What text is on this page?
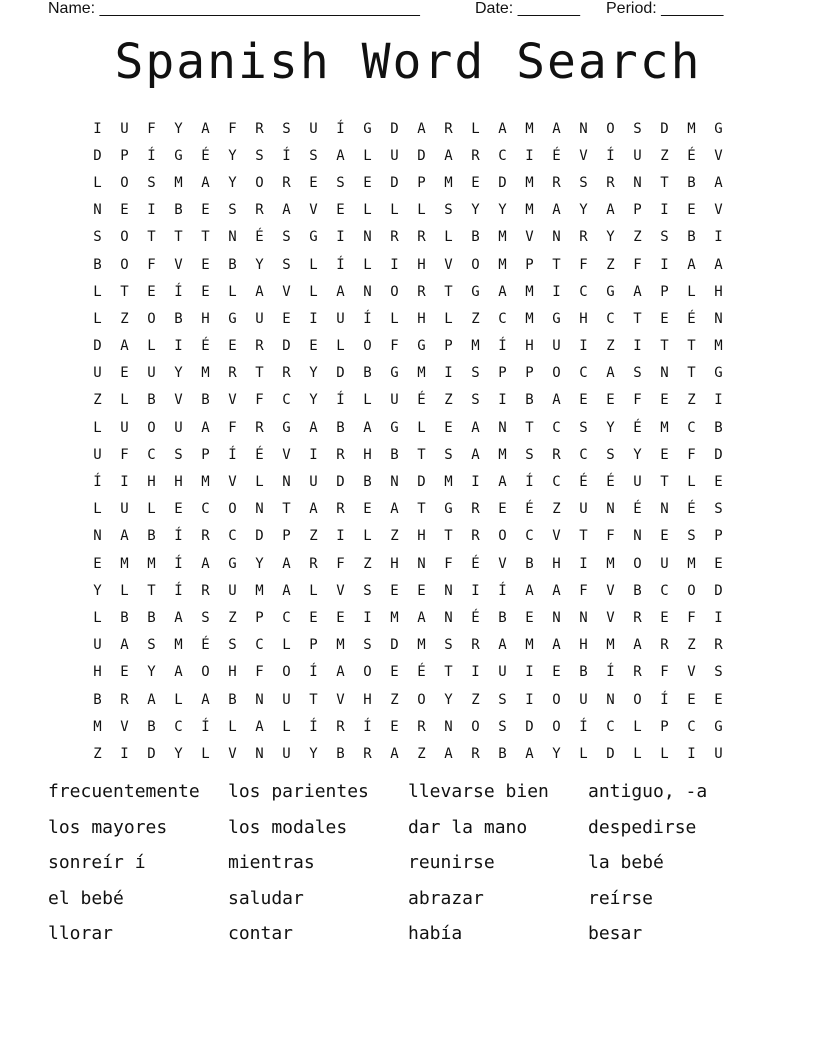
Name: ____________________________________

	Date: _______

Period: _______

Spanish Word Search
I	U	F	Y	A	F	R	S	U	Í	G	D	A	R	L	A	M	A	N	O	S	D	M	G
D	P	Í	G	É	Y	S	Í	S	A	L	U	D	A	R	C	I	É	V	Í	U	Z	É	V
L	O	S	M	A	Y	O	R	E	S	E	D	P	M	E	D	M	R	S	R	N	T	B	A
N	E	I	B	E	S	R	A	V	E	L	L	L	S	Y	Y	M	A	Y	A	P	I	E	V
S	O	T	T	T	N	É	S	G	I	N	R	R	L	B	M	V	N	R	Y	Z	S	B	I
B	O	F	V	E	B	Y	S	L	Í	L	I	H	V	O	M	P	T	F	Z	F	I	A	A
L	T	E	Í	E	L	A	V	L	A	N	O	R	T	G	A	M	I	C	G	A	P	L	H
L	Z	O	B	H	G	U	E	I	U	Í	L	H	L	Z	C	M	G	H	C	T	E	É	N
D	A	L	I	É	E	R	D	E	L	O	F	G	P	M	Í	H	U	I	Z	I	T	T	M
U	E	U	Y	M	R	T	R	Y	D	B	G	M	I	S	P	P	O	C	A	S	N	T	G
Z	L	B	V	B	V	F	C	Y	Í	L	U	É	Z	S	I	B	A	E	E	F	E	Z	I
L	U	O	U	A	F	R	G	A	B	A	G	L	E	A	N	T	C	S	Y	É	M	C	B
U	F	C	S	P	Í	É	V	I	R	H	B	T	S	A	M	S	R	C	S	Y	E	F	D
Í	I	H	H	M	V	L	N	U	D	B	N	D	M	I	A	Í	C	É	É	U	T	L	E
L	U	L	E	C	O	N	T	A	R	E	A	T	G	R	E	É	Z	U	N	É	N	É	S
N	A	B	Í	R	C	D	P	Z	I	L	Z	H	T	R	O	C	V	T	F	N	E	S	P
E	M	M	Í	A	G	Y	A	R	F	Z	H	N	F	É	V	B	H	I	M	O	U	M	E
Y	L	T	Í	R	U	M	A	L	V	S	E	E	N	I	Í	A	A	F	V	B	C	O	D
L	B	B	A	S	Z	P	C	E	E	I	M	A	N	É	B	E	N	N	V	R	E	F	I
U	A	S	M	É	S	C	L	P	M	S	D	M	S	R	A	M	A	H	M	A	R	Z	R
H	E	Y	A	O	H	F	O	Í	A	O	E	É	T	I	U	I	E	B	Í	R	F	V	S
B	R	A	L	A	B	N	U	T	V	H	Z	O	Y	Z	S	I	O	U	N	O	Í	E	E
M	V	B	C	Í	L	A	L	Í	R	Í	E	R	N	O	S	D	O	Í	C	L	P	C	G
Z	I	D	Y	L	V	N	U	Y	B	R	A	Z	A	R	B	A	Y	L	D	L	L	I	U
frecuentemente	los parientes	llevarse bien	antiguo, -a
los mayores	los modales	dar la mano	despedirse
sonreír í	mientras	reunirse	la bebé
el bebé	saludar	abrazar	reírse
llorar	contar	había	besar
